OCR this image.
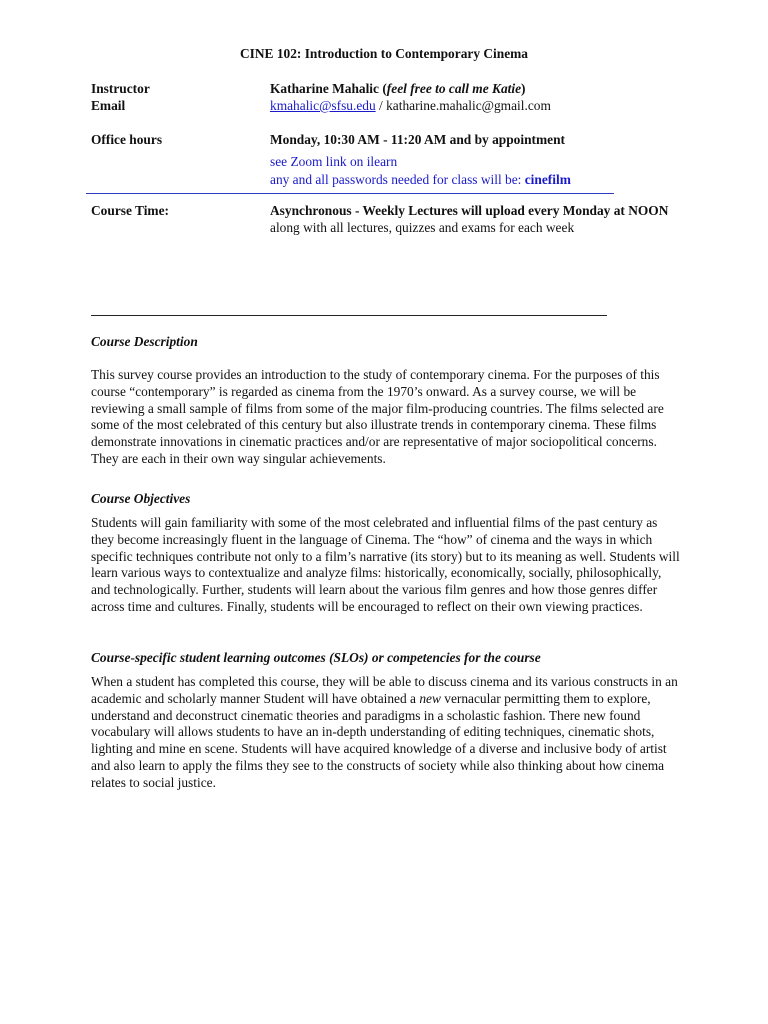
CINE 102: Introduction to Contemporary Cinema
Instructor	Katharine Mahalic (feel free to call me Katie)
Email	kmahalic@sfsu.edu / katharine.mahalic@gmail.com
Office hours	Monday, 10:30 AM - 11:20 AM and by appointment
see Zoom link on ilearn
any and all passwords needed for class will be: cinefilm
Course Time:	Asynchronous - Weekly Lectures will upload every Monday at NOON
along with all lectures, quizzes and exams for each week
Course Description

This survey course provides an introduction to the study of contemporary cinema. For the purposes of this course “contemporary” is regarded as cinema from the 1970’s onward. As a survey course, we will be reviewing a small sample of films from some of the major film-producing countries. The films selected are some of the most celebrated of this century but also illustrate trends in contemporary cinema. These films demonstrate innovations in cinematic practices and/or are representative of major sociopolitical concerns. They are each in their own way singular achievements.

Course Objectives

Students will gain familiarity with some of the most celebrated and influential films of the past century as they become increasingly fluent in the language of Cinema. The “how” of cinema and the ways in which specific techniques contribute not only to a film’s narrative (its story) but to its meaning as well. Students will learn various ways to contextualize and analyze films: historically, economically, socially, philosophically, and technologically. Further, students will learn about the various film genres and how those genres differ across time and cultures. Finally, students will be encouraged to reflect on their own viewing practices.

Course-specific student learning outcomes (SLOs) or competencies for the course

When a student has completed this course, they will be able to discuss cinema and its various constructs in an academic and scholarly manner Student will have obtained a new vernacular permitting them to explore, understand and deconstruct cinematic theories and paradigms in a scholastic fashion. There new found vocabulary will allows students to have an in-depth understanding of editing techniques, cinematic shots, lighting and mine en scene. Students will have acquired knowledge of a diverse and inclusive body of artist and also learn to apply the films they see to the constructs of society while also thinking about how cinema relates to social justice.
